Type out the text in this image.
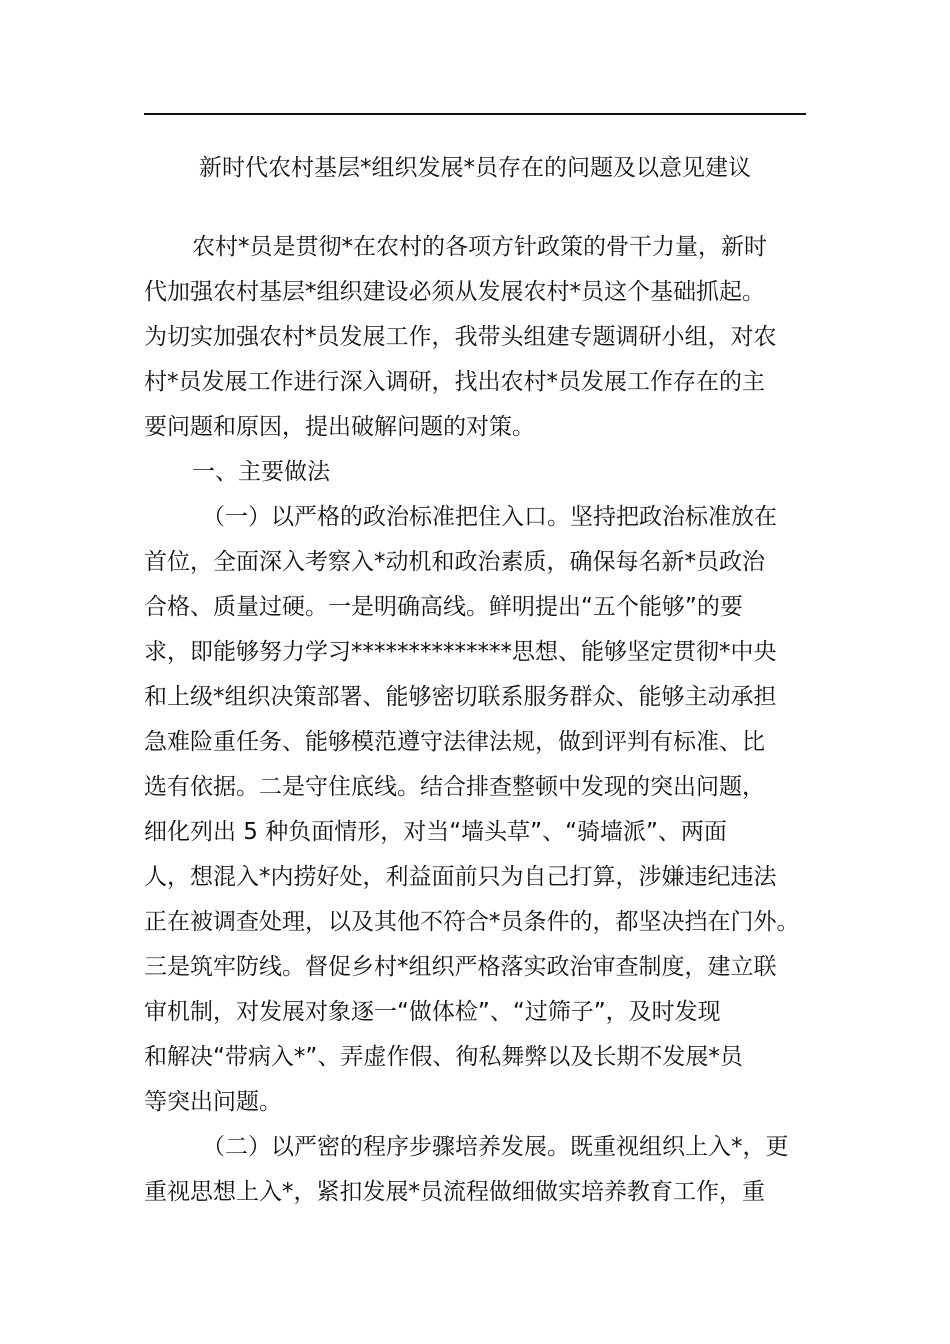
新时代农村基层*组织发展*员存在的问题及以意见建议
农村*员是贯彻*在农村的各项方针政策的骨干力量，新时
代加强农村基层*组织建设必须从发展农村*员这个基础抓起。
为切实加强农村*员发展工作，我带头组建专题调研小组，对农
村*员发展工作进行深入调研，找出农村*员发展工作存在的主
要问题和原因，提出破解问题的对策。
一、主要做法
（一）以严格的政治标准把住入口。坚持把政治标准放在
首位，全面深入考察入*动机和政治素质，确保每名新*员政治
合格、质量过硬。一是明确高线。鲜明提出“五个能够”的要
求，即能够努力学习**************思想、能够坚定贯彻*中央
和上级*组织决策部署、能够密切联系服务群众、能够主动承担
急难险重任务、能够模范遵守法律法规，做到评判有标准、比
选有依据。二是守住底线。结合排查整顿中发现的突出问题，
细化列出 5 种负面情形，对当“墙头草”、“骑墙派”、两面
人，想混入*内捞好处，利益面前只为自己打算，涉嫌违纪违法
正在被调查处理，以及其他不符合*员条件的，都坚决挡在门外。
三是筑牢防线。督促乡村*组织严格落实政治审查制度，建立联
审机制，对发展对象逐一“做体检”、“过筛子”，及时发现
和解决“带病入*”、弄虚作假、徇私舞弊以及长期不发展*员
等突出问题。
（二）以严密的程序步骤培养发展。既重视组织上入*，更
重视思想上入*，紧扣发展*员流程做细做实培养教育工作，重
